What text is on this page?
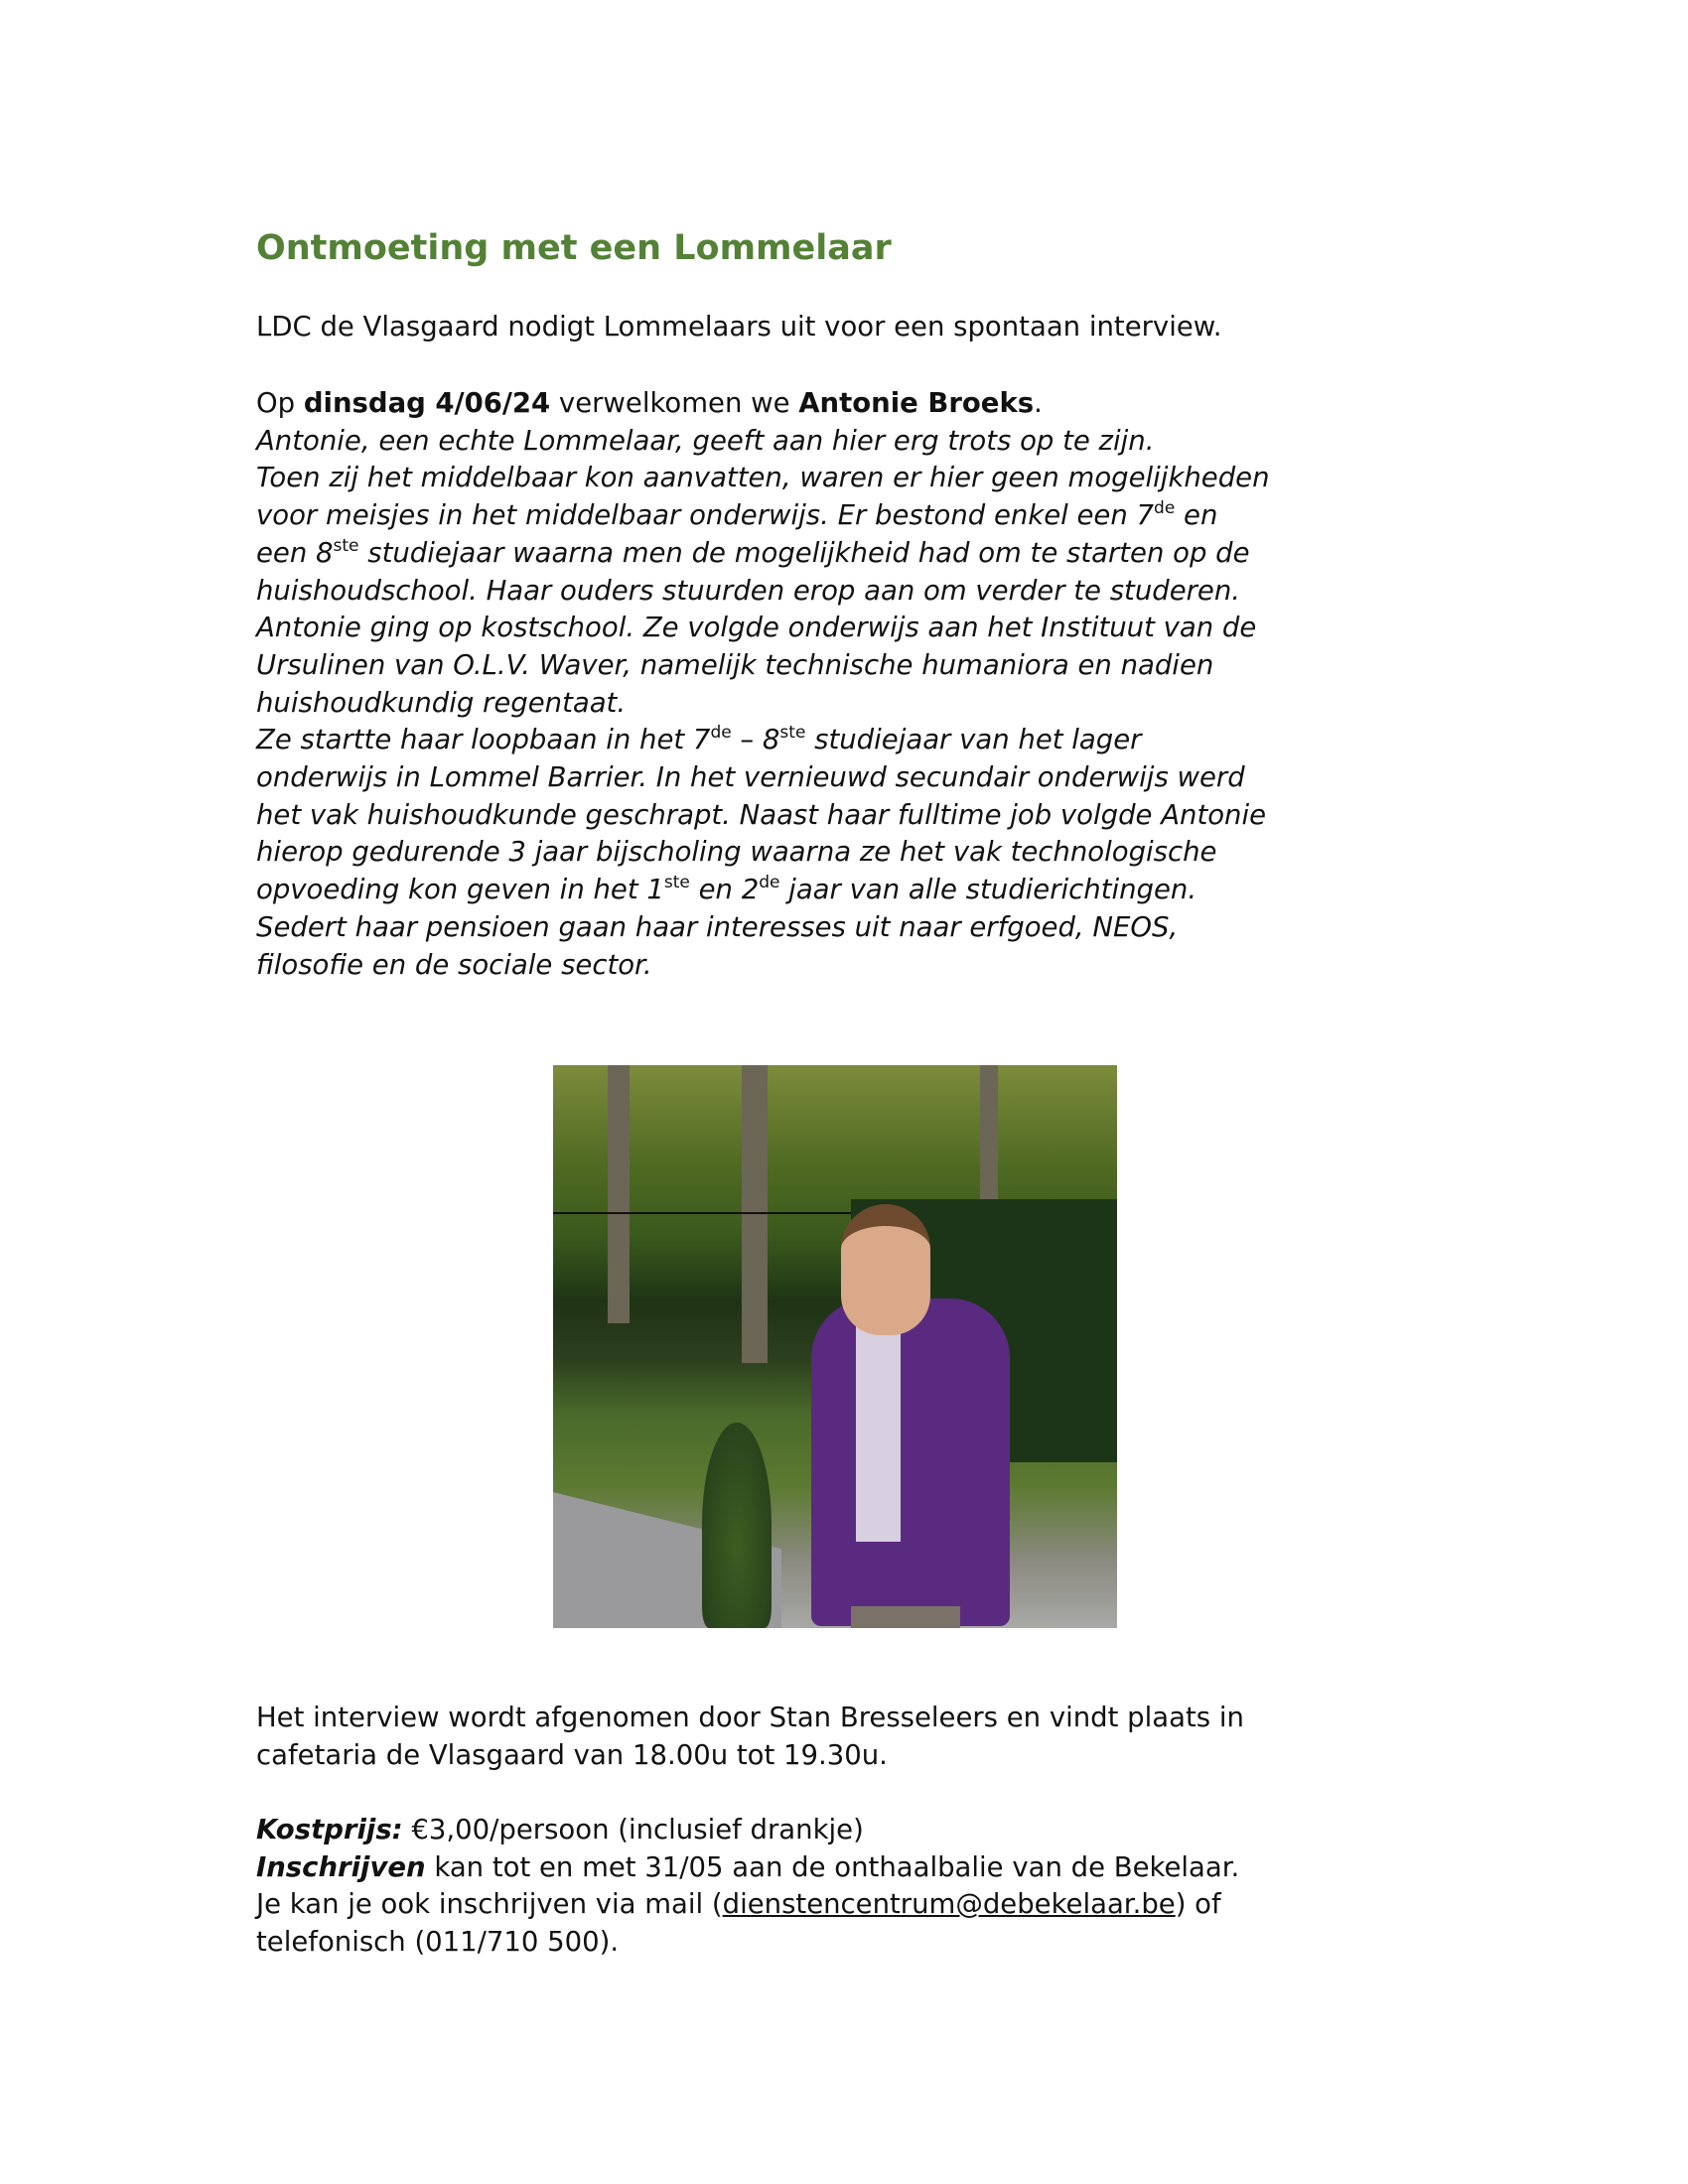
Ontmoeting met een Lommelaar
LDC de Vlasgaard nodigt Lommelaars uit voor een spontaan interview.
Op dinsdag 4/06/24 verwelkomen we Antonie Broeks.
Antonie, een echte Lommelaar, geeft aan hier erg trots op te zijn.
Toen zij het middelbaar kon aanvatten, waren er hier geen mogelijkheden
voor meisjes in het middelbaar onderwijs. Er bestond enkel een 7de en
een 8ste studiejaar waarna men de mogelijkheid had om te starten op de
huishoudschool. Haar ouders stuurden erop aan om verder te studeren.
Antonie ging op kostschool. Ze volgde onderwijs aan het Instituut van de
Ursulinen van O.L.V. Waver, namelijk technische humaniora en nadien
huishoudkundig regentaat.
Ze startte haar loopbaan in het 7de – 8ste studiejaar van het lager
onderwijs in Lommel Barrier. In het vernieuwd secundair onderwijs werd
het vak huishoudkunde geschrapt. Naast haar fulltime job volgde Antonie
hierop gedurende 3 jaar bijscholing waarna ze het vak technologische
opvoeding kon geven in het 1ste en 2de jaar van alle studierichtingen.
Sedert haar pensioen gaan haar interesses uit naar erfgoed, NEOS,
filosofie en de sociale sector.
Het interview wordt afgenomen door Stan Bresseleers en vindt plaats in
cafetaria de Vlasgaard van 18.00u tot 19.30u.
Kostprijs: €3,00/persoon (inclusief drankje)
Inschrijven kan tot en met 31/05 aan de onthaalbalie van de Bekelaar.
Je kan je ook inschrijven via mail (dienstencentrum@debekelaar.be) of
telefonisch (011/710 500).
